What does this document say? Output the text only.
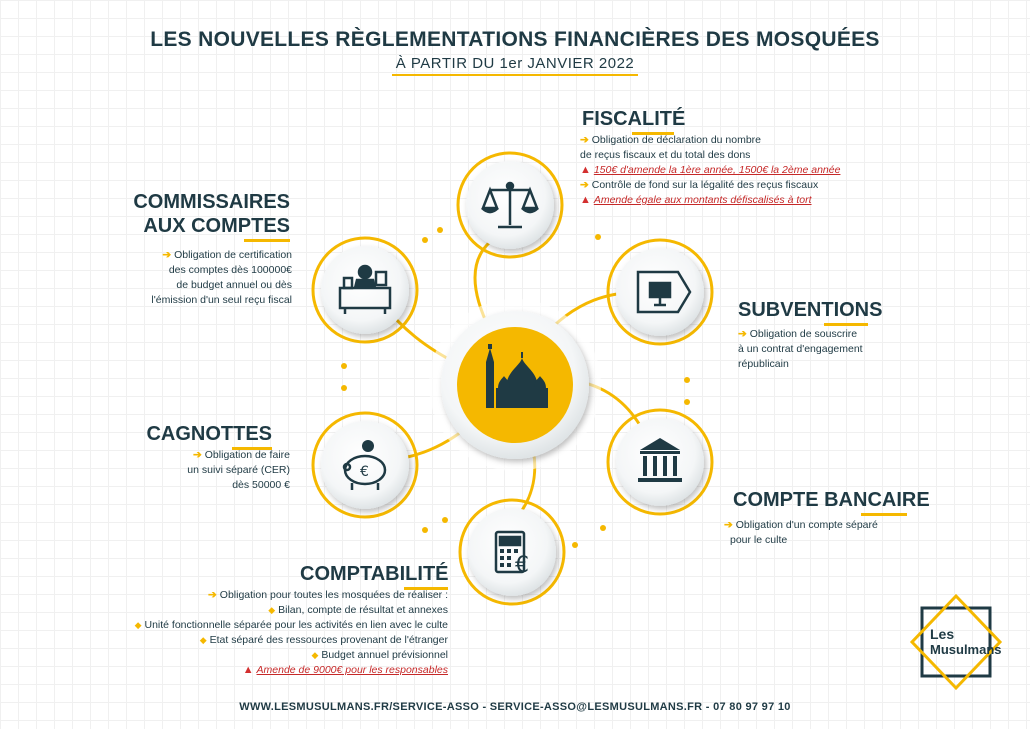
LES NOUVELLES RÈGLEMENTATIONS FINANCIÈRES DES MOSQUÉES
À PARTIR DU 1er JANVIER 2022
€
€
FISCALITÉ
➔ Obligation de déclaration du nombre
de reçus fiscaux et du total des dons
▲ 150€ d'amende la 1ère année, 1500€ la 2ème année
➔ Contrôle de fond sur la légalité des reçus fiscaux
▲ Amende égale aux montants défiscalisés à tort
COMMISSAIRES
AUX COMPTES
➔ Obligation de certification
des comptes dès 100000€
de budget annuel ou dès
l'émission d'un seul reçu fiscal	SUBVENTIONS
➔ Obligation de souscrire
à un contrat d'engagement
républicain
CAGNOTTES
➔ Obligation de faire
un suivi séparé (CER)
dès 50000 €
COMPTE BANCAIRE
➔ Obligation d'un compte séparé
pour le culte
COMPTABILITÉ
➔ Obligation pour toutes les mosquées de réaliser :
◆ Bilan, compte de résultat et annexes
◆ Unité fonctionnelle séparée pour les activités en lien avec le culte
◆ Etat séparé des ressources provenant de l'étranger
◆ Budget annuel prévisionnel
▲ Amende de 9000€ pour les responsables
Les
Musulmans
WWW.LESMUSULMANS.FR/SERVICE-ASSO - SERVICE-ASSO@LESMUSULMANS.FR - 07 80 97 97 10
